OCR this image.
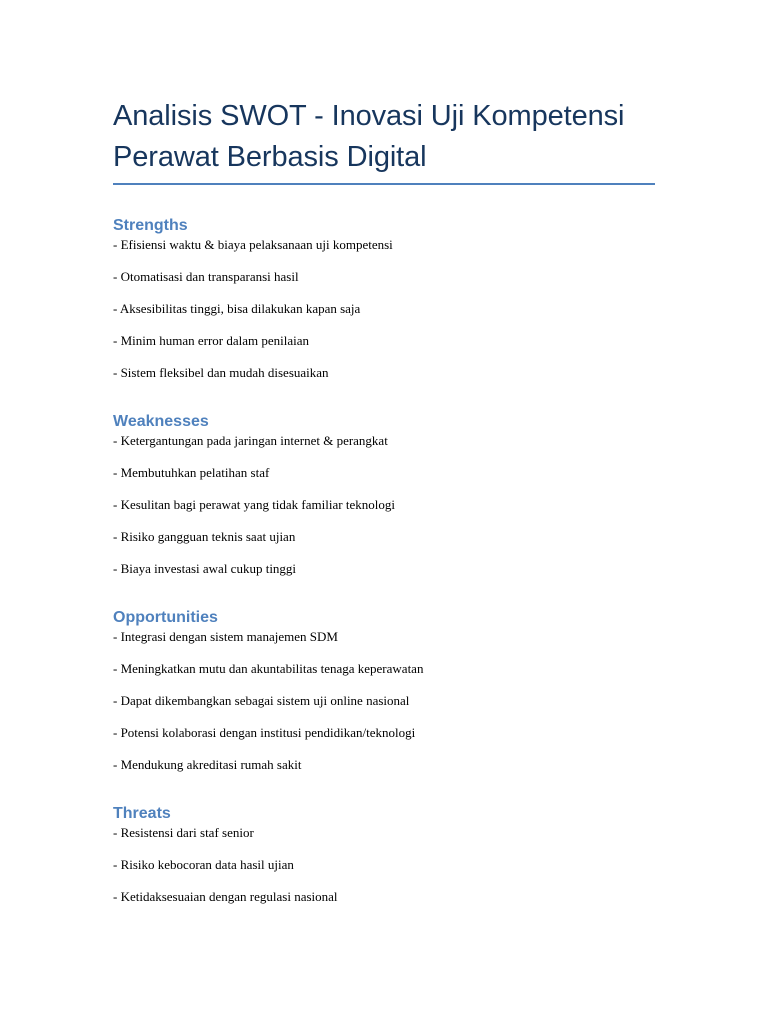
Analisis SWOT - Inovasi Uji Kompetensi
Perawat Berbasis Digital
Strengths
- Efisiensi waktu & biaya pelaksanaan uji kompetensi
- Otomatisasi dan transparansi hasil
- Aksesibilitas tinggi, bisa dilakukan kapan saja
- Minim human error dalam penilaian
- Sistem fleksibel dan mudah disesuaikan
Weaknesses
- Ketergantungan pada jaringan internet & perangkat
- Membutuhkan pelatihan staf
- Kesulitan bagi perawat yang tidak familiar teknologi
- Risiko gangguan teknis saat ujian
- Biaya investasi awal cukup tinggi
Opportunities
- Integrasi dengan sistem manajemen SDM
- Meningkatkan mutu dan akuntabilitas tenaga keperawatan
- Dapat dikembangkan sebagai sistem uji online nasional
- Potensi kolaborasi dengan institusi pendidikan/teknologi
- Mendukung akreditasi rumah sakit
Threats
- Resistensi dari staf senior
- Risiko kebocoran data hasil ujian
- Ketidaksesuaian dengan regulasi nasional
